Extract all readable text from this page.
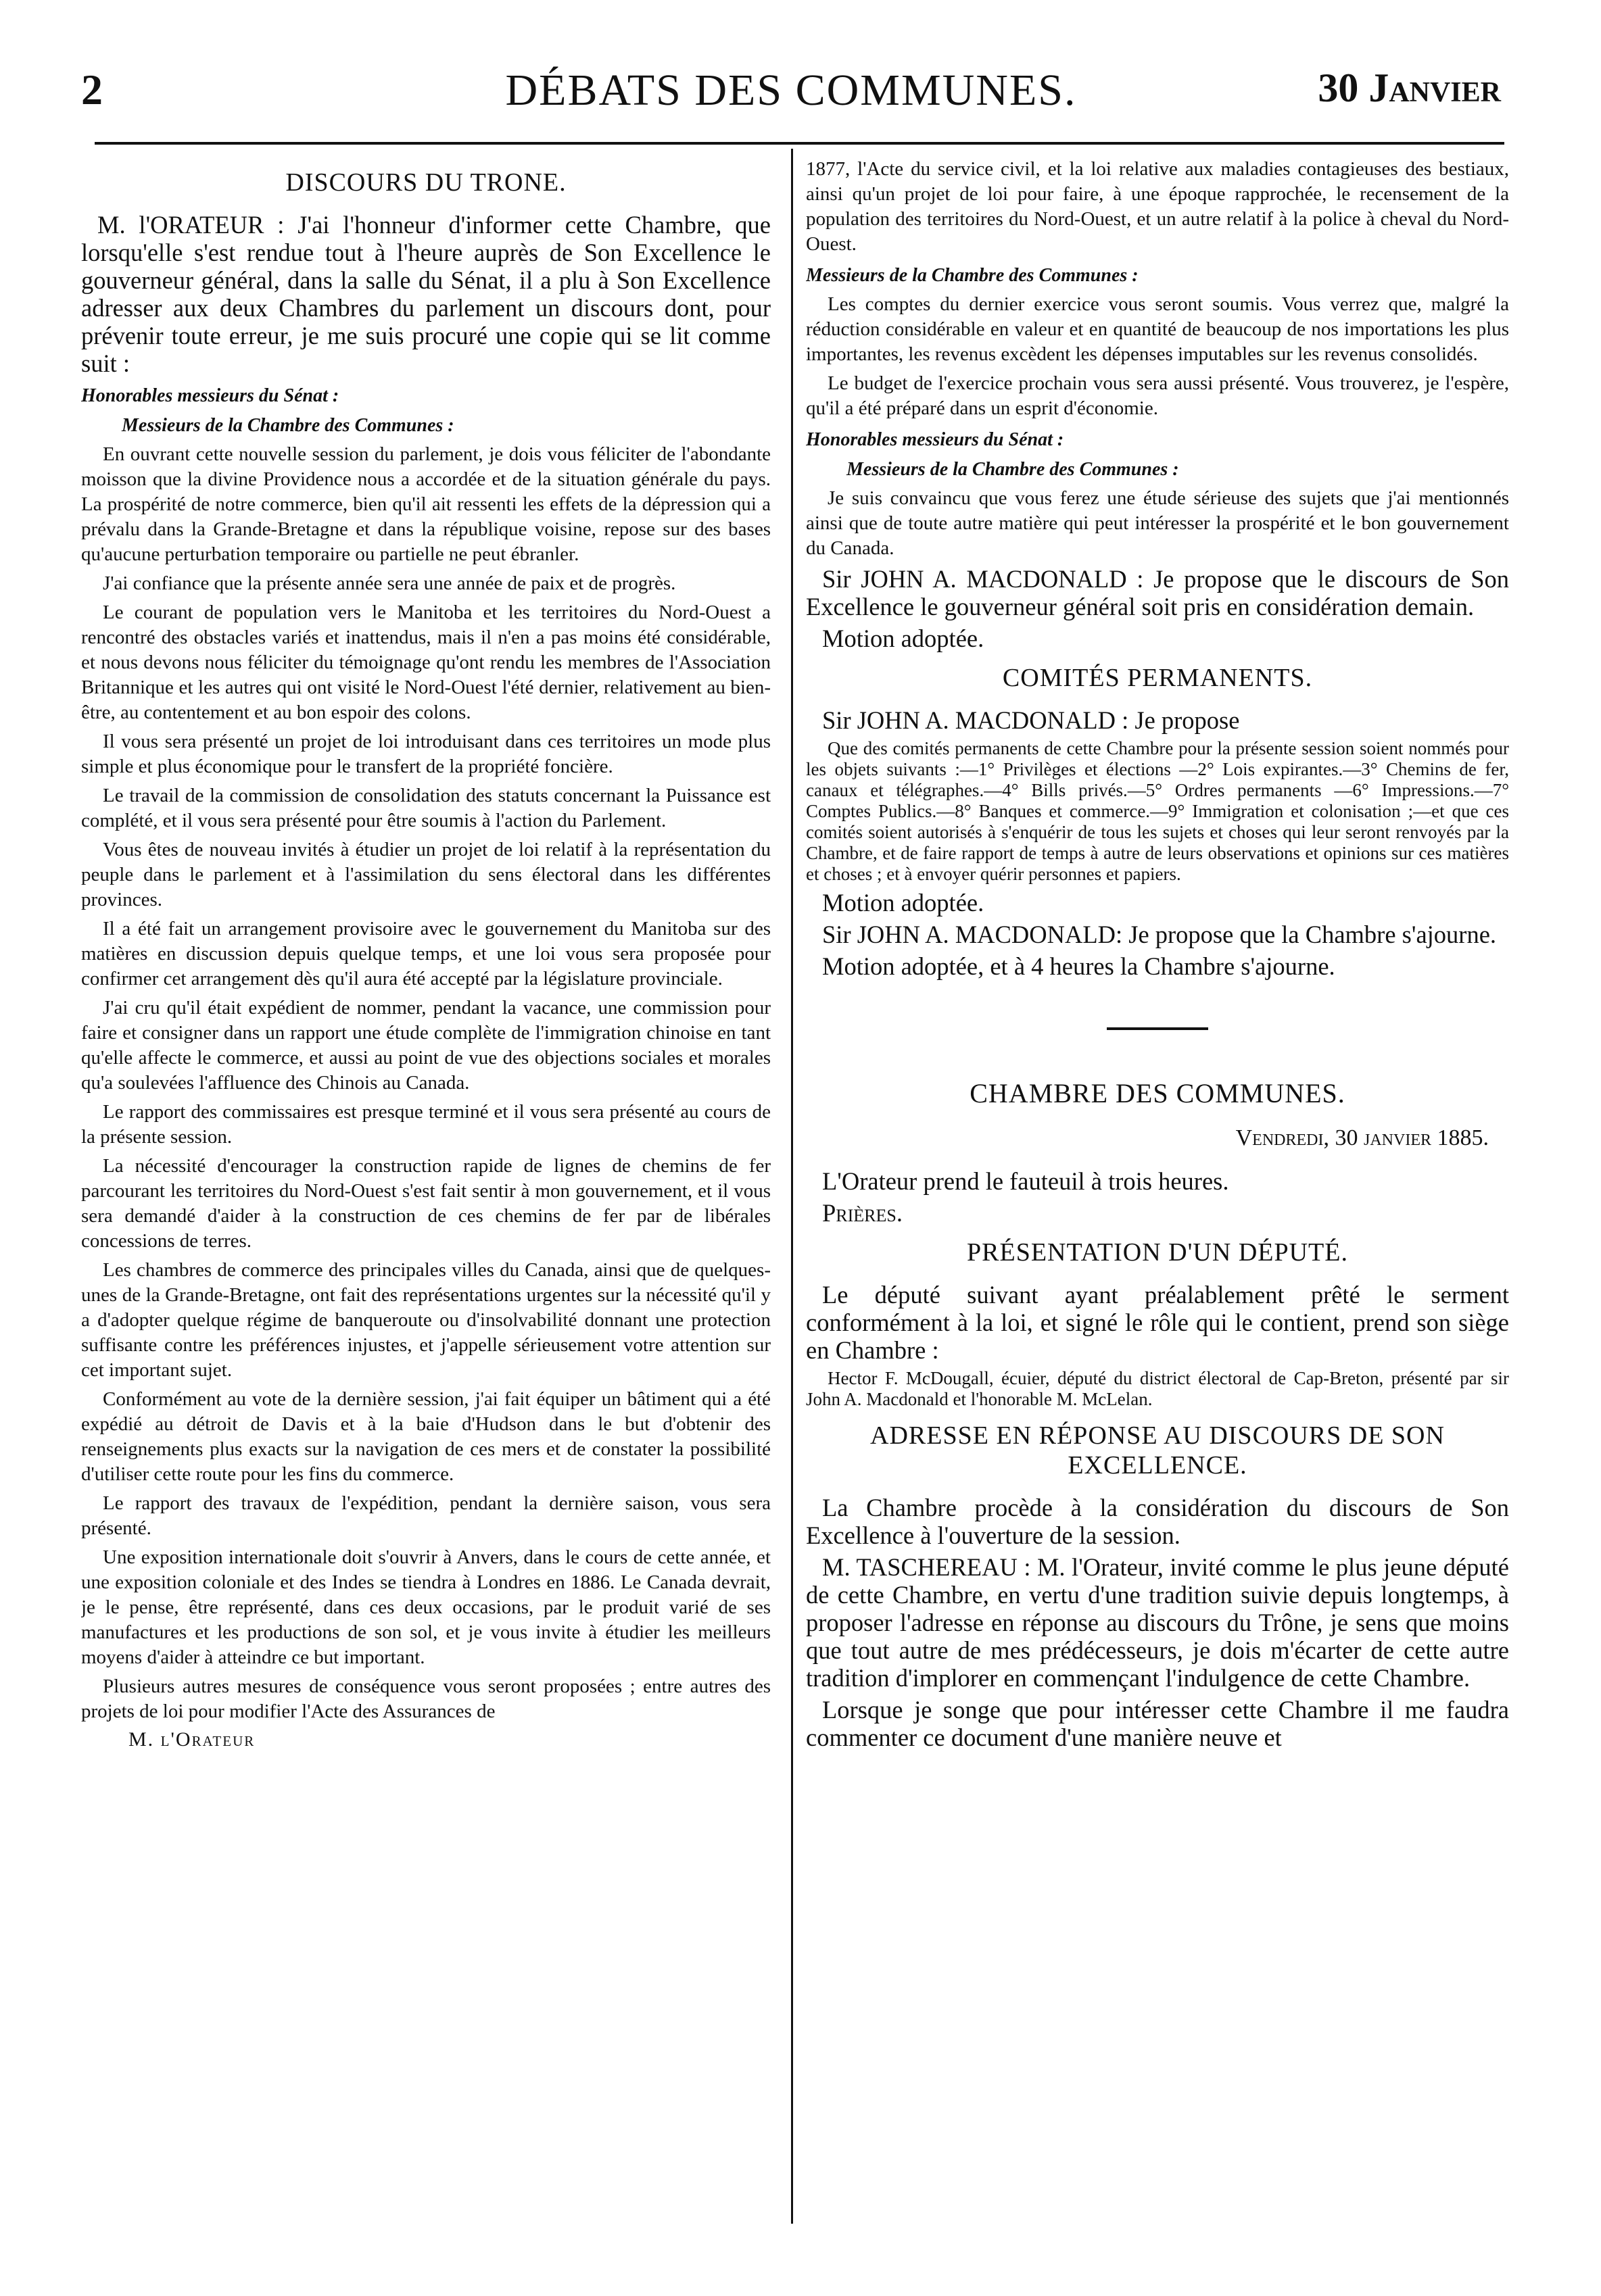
2	DÉBATS DES COMMUNES.	30 Janvier
DISCOURS DU TRONE.

M. l'ORATEUR : J'ai l'honneur d'informer cette Chambre, que lorsqu'elle s'est rendue tout à l'heure auprès de Son Excellence le gouverneur général, dans la salle du Sénat, il a plu à Son Excellence adresser aux deux Chambres du parlement un discours dont, pour prévenir toute erreur, je me suis procuré une copie qui se lit comme suit :

Honorables messieurs du Sénat :

Messieurs de la Chambre des Communes :

En ouvrant cette nouvelle session du parlement, je dois vous féliciter de l'abondante moisson que la divine Providence nous a accordée et de la situation générale du pays. La prospérité de notre commerce, bien qu'il ait ressenti les effets de la dépression qui a prévalu dans la Grande-Bretagne et dans la république voisine, repose sur des bases qu'aucune perturbation temporaire ou partielle ne peut ébranler.

J'ai confiance que la présente année sera une année de paix et de progrès.

Le courant de population vers le Manitoba et les territoires du Nord-Ouest a rencontré des obstacles variés et inattendus, mais il n'en a pas moins été considérable, et nous devons nous féliciter du témoignage qu'ont rendu les membres de l'Association Britannique et les autres qui ont visité le Nord-Ouest l'été dernier, relativement au bien-être, au contentement et au bon espoir des colons.

Il vous sera présenté un projet de loi introduisant dans ces territoires un mode plus simple et plus économique pour le transfert de la propriété foncière.

Le travail de la commission de consolidation des statuts concernant la Puissance est complété, et il vous sera présenté pour être soumis à l'action du Parlement.

Vous êtes de nouveau invités à étudier un projet de loi relatif à la représentation du peuple dans le parlement et à l'assimilation du sens électoral dans les différentes provinces.

Il a été fait un arrangement provisoire avec le gouvernement du Manitoba sur des matières en discussion depuis quelque temps, et une loi vous sera proposée pour confirmer cet arrangement dès qu'il aura été accepté par la législature provinciale.

J'ai cru qu'il était expédient de nommer, pendant la vacance, une commission pour faire et consigner dans un rapport une étude complète de l'immigration chinoise en tant qu'elle affecte le commerce, et aussi au point de vue des objections sociales et morales qu'a soulevées l'affluence des Chinois au Canada.

Le rapport des commissaires est presque terminé et il vous sera présenté au cours de la présente session.

La nécessité d'encourager la construction rapide de lignes de chemins de fer parcourant les territoires du Nord-Ouest s'est fait sentir à mon gouvernement, et il vous sera demandé d'aider à la construction de ces chemins de fer par de libérales concessions de terres.

Les chambres de commerce des principales villes du Canada, ainsi que de quelques-unes de la Grande-Bretagne, ont fait des représentations urgentes sur la nécessité qu'il y a d'adopter quelque régime de banqueroute ou d'insolvabilité donnant une protection suffisante contre les préférences injustes, et j'appelle sérieusement votre attention sur cet important sujet.

Conformément au vote de la dernière session, j'ai fait équiper un bâtiment qui a été expédié au détroit de Davis et à la baie d'Hudson dans le but d'obtenir des renseignements plus exacts sur la navigation de ces mers et de constater la possibilité d'utiliser cette route pour les fins du commerce.

Le rapport des travaux de l'expédition, pendant la dernière saison, vous sera présenté.

Une exposition internationale doit s'ouvrir à Anvers, dans le cours de cette année, et une exposition coloniale et des Indes se tiendra à Londres en 1886. Le Canada devrait, je le pense, être représenté, dans ces deux occasions, par le produit varié de ses manufactures et les productions de son sol, et je vous invite à étudier les meilleurs moyens d'aider à atteindre ce but important.

Plusieurs autres mesures de conséquence vous seront proposées ; entre autres des projets de loi pour modifier l'Acte des Assurances de

M. l'Orateur

1877, l'Acte du service civil, et la loi relative aux maladies contagieuses des bestiaux, ainsi qu'un projet de loi pour faire, à une époque rapprochée, le recensement de la population des territoires du Nord-Ouest, et un autre relatif à la police à cheval du Nord-Ouest.

Messieurs de la Chambre des Communes :

Les comptes du dernier exercice vous seront soumis. Vous verrez que, malgré la réduction considérable en valeur et en quantité de beaucoup de nos importations les plus importantes, les revenus excèdent les dépenses imputables sur les revenus consolidés.

Le budget de l'exercice prochain vous sera aussi présenté. Vous trouverez, je l'espère, qu'il a été préparé dans un esprit d'économie.

Honorables messieurs du Sénat :

Messieurs de la Chambre des Communes :

Je suis convaincu que vous ferez une étude sérieuse des sujets que j'ai mentionnés ainsi que de toute autre matière qui peut intéresser la prospérité et le bon gouvernement du Canada.

Sir JOHN A. MACDONALD : Je propose que le discours de Son Excellence le gouverneur général soit pris en considération demain.

Motion adoptée.

COMITÉS PERMANENTS.

Sir JOHN A. MACDONALD : Je propose

Que des comités permanents de cette Chambre pour la présente session soient nommés pour les objets suivants :—1° Privilèges et élections —2° Lois expirantes.—3° Chemins de fer, canaux et télégraphes.—4° Bills privés.—5° Ordres permanents —6° Impressions.—7° Comptes Publics.—8° Banques et commerce.—9° Immigration et colonisation ;—et que ces comités soient autorisés à s'enquérir de tous les sujets et choses qui leur seront renvoyés par la Chambre, et de faire rapport de temps à autre de leurs observations et opinions sur ces matières et choses ; et à envoyer quérir personnes et papiers.

Motion adoptée.

Sir JOHN A. MACDONALD: Je propose que la Chambre s'ajourne.

Motion adoptée, et à 4 heures la Chambre s'ajourne.

CHAMBRE DES COMMUNES.
Vendredi, 30 janvier 1885.

L'Orateur prend le fauteuil à trois heures.

Prières.

PRÉSENTATION D'UN DÉPUTÉ.

Le député suivant ayant préalablement prêté le serment conformément à la loi, et signé le rôle qui le contient, prend son siège en Chambre :

Hector F. McDougall, écuier, député du district électoral de Cap-Breton, présenté par sir John A. Macdonald et l'honorable M. McLelan.

ADRESSE EN RÉPONSE AU DISCOURS DE SON EXCELLENCE.

La Chambre procède à la considération du discours de Son Excellence à l'ouverture de la session.

M. TASCHEREAU : M. l'Orateur, invité comme le plus jeune député de cette Chambre, en vertu d'une tradition suivie depuis longtemps, à proposer l'adresse en réponse au discours du Trône, je sens que moins que tout autre de mes prédécesseurs, je dois m'écarter de cette autre tradition d'implorer en commençant l'indulgence de cette Chambre.

Lorsque je songe que pour intéresser cette Chambre il me faudra commenter ce document d'une manière neuve et
